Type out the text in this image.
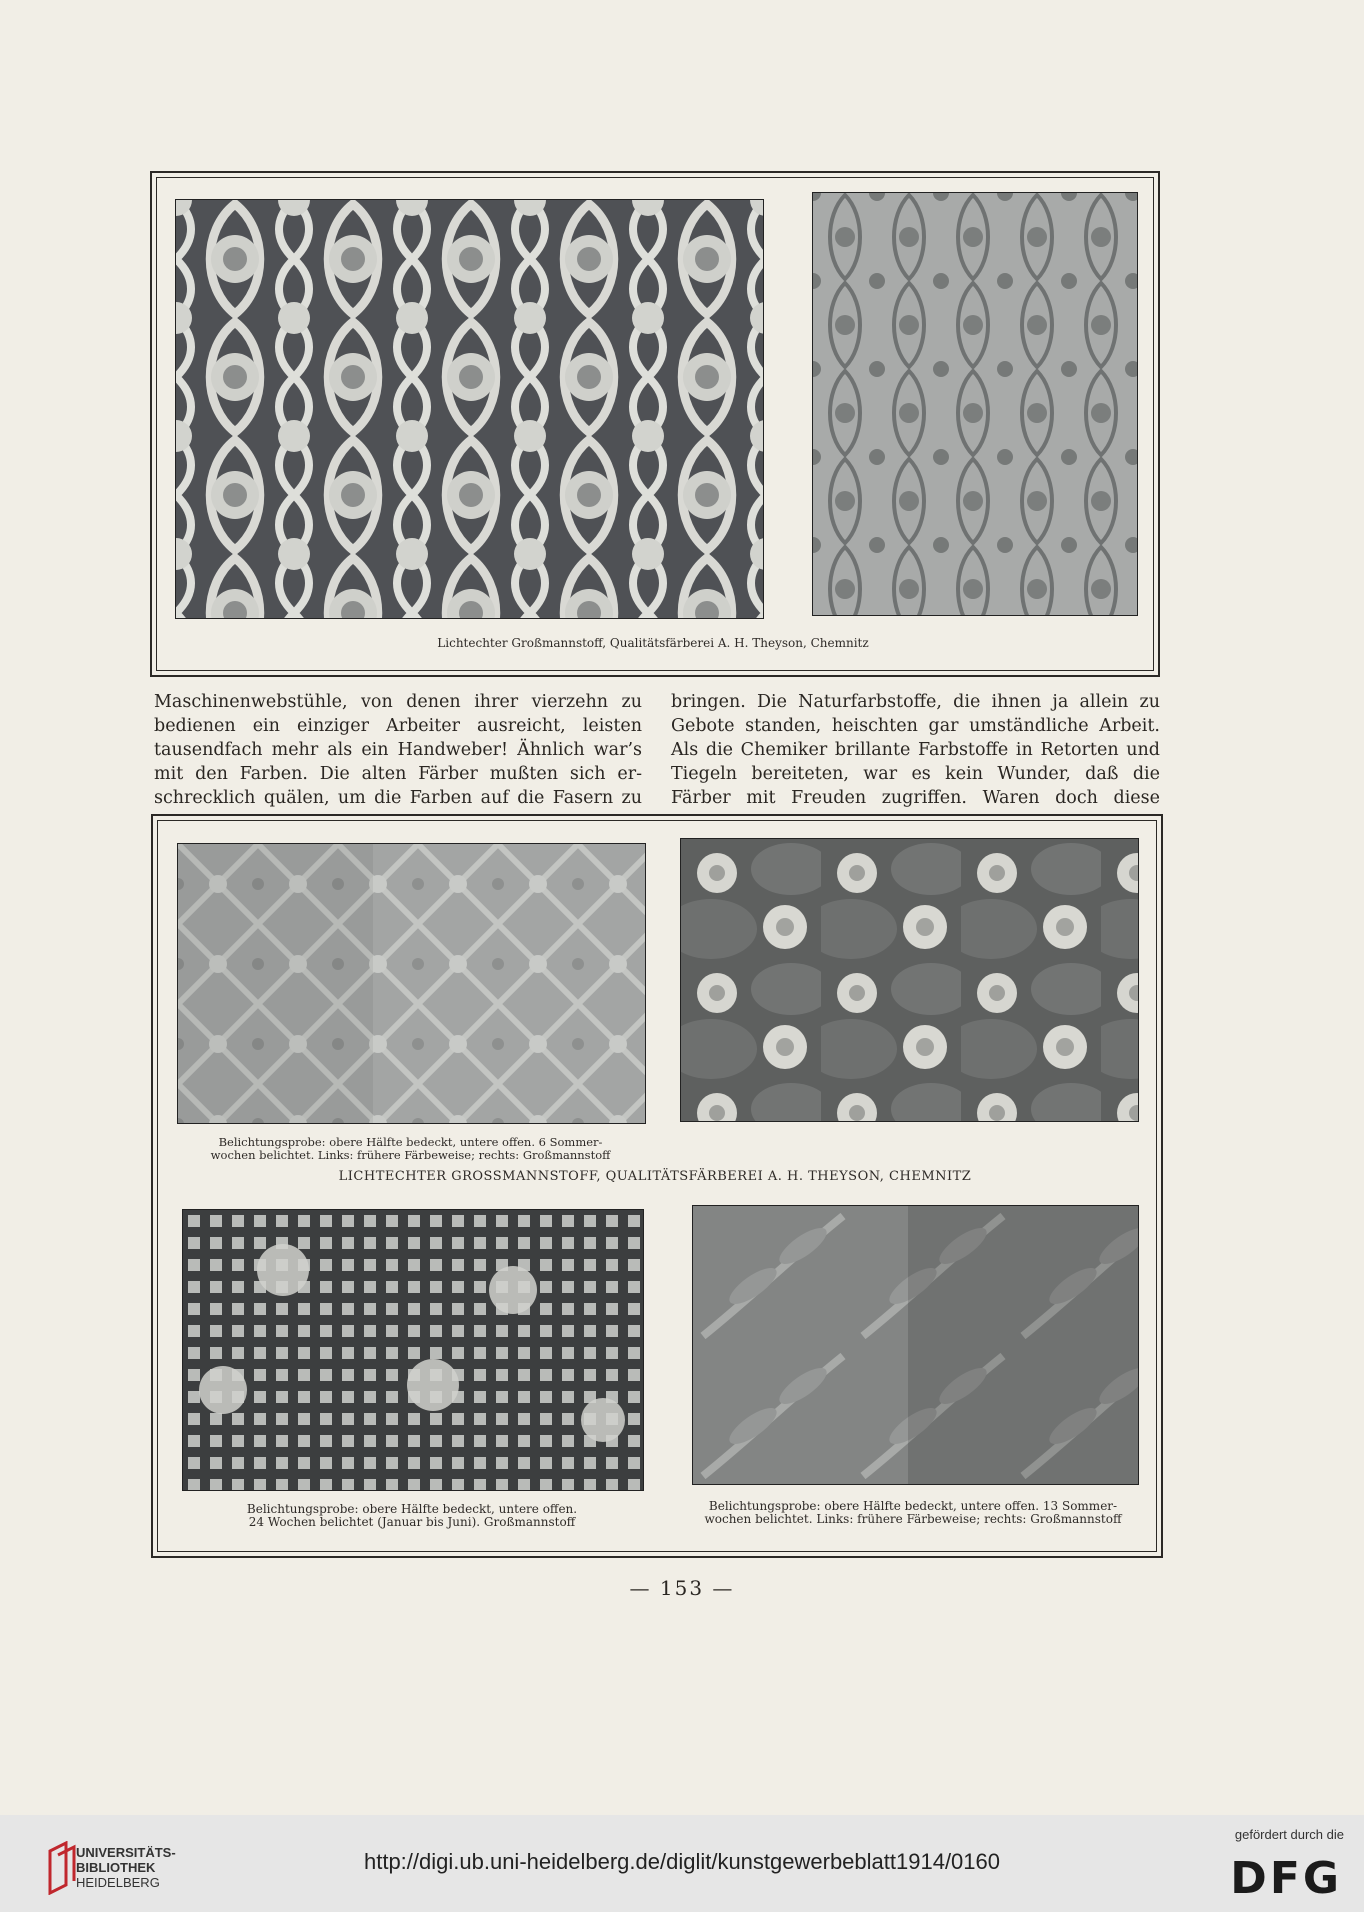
Lichtechter Großmannstoff, Qualitätsfärberei A. H. Theyson, Chemnitz
Maschinenwebstühle, von denen ihrer vierzehn zu
bedienen ein einziger Arbeiter ausreicht, leisten
tausendfach mehr als ein Handweber! Ähnlich war’s
mit den Farben. Die alten Färber mußten sich er-
schrecklich quälen, um die Farben auf die Fasern zu
bringen. Die Naturfarbstoffe, die ihnen ja allein zu
Gebote standen, heischten gar umständliche Arbeit.
Als die Chemiker brillante Farbstoffe in Retorten und
Tiegeln bereiteten, war es kein Wunder, daß die
Färber mit Freuden zugriffen. Waren doch diese
Belichtungsprobe: obere Hälfte bedeckt, untere offen. 6 Sommer-
wochen belichtet. Links: frühere Färbeweise; rechts: Großmannstoff
LICHTECHTER GROSSMANNSTOFF, QUALITÄTSFÄRBEREI A. H. THEYSON, CHEMNITZ
Belichtungsprobe: obere Hälfte bedeckt, untere offen.
24 Wochen belichtet (Januar bis Juni). Großmannstoff
Belichtungsprobe: obere Hälfte bedeckt, untere offen. 13 Sommer-
wochen belichtet. Links: frühere Färbeweise; rechts: Großmannstoff
— 153 —
UNIVERSITÄTS-
BIBLIOTHEK
HEIDELBERG
http://digi.ub.uni-heidelberg.de/diglit/kunstgewerbeblatt1914/0160
gefördert durch die
DFG
